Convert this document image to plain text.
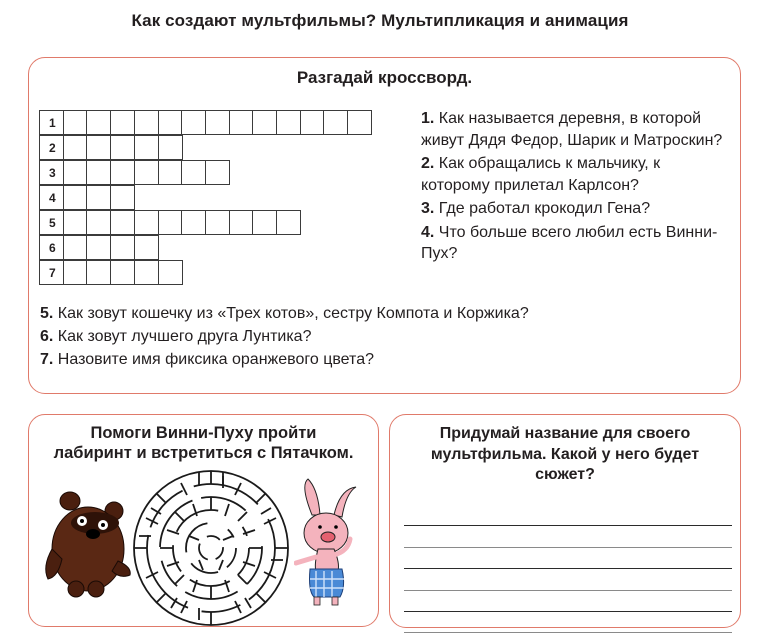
Как создают мультфильмы? Мультипликация и анимация
Разгадай кроссворд.
1
2
3
4
5
6
7
1. Как называется деревня, в которой живут Дядя Федор, Шарик и Матроскин?
2. Как обращались к мальчику, к которому прилетал Карлсон?
3. Где работал крокодил Гена?
4. Что больше всего любил есть Винни-Пух?
5. Как зовут кошечку из «Трех котов», сестру Компота и Коржика?
6. Как зовут лучшего друга Лунтика?
7. Назовите имя фиксика оранжевого цвета?
Помоги Винни-Пуху пройти
лабиринт и встретиться с Пятачком.
Придумай название для своего
мультфильма. Какой у него будет
сюжет?
